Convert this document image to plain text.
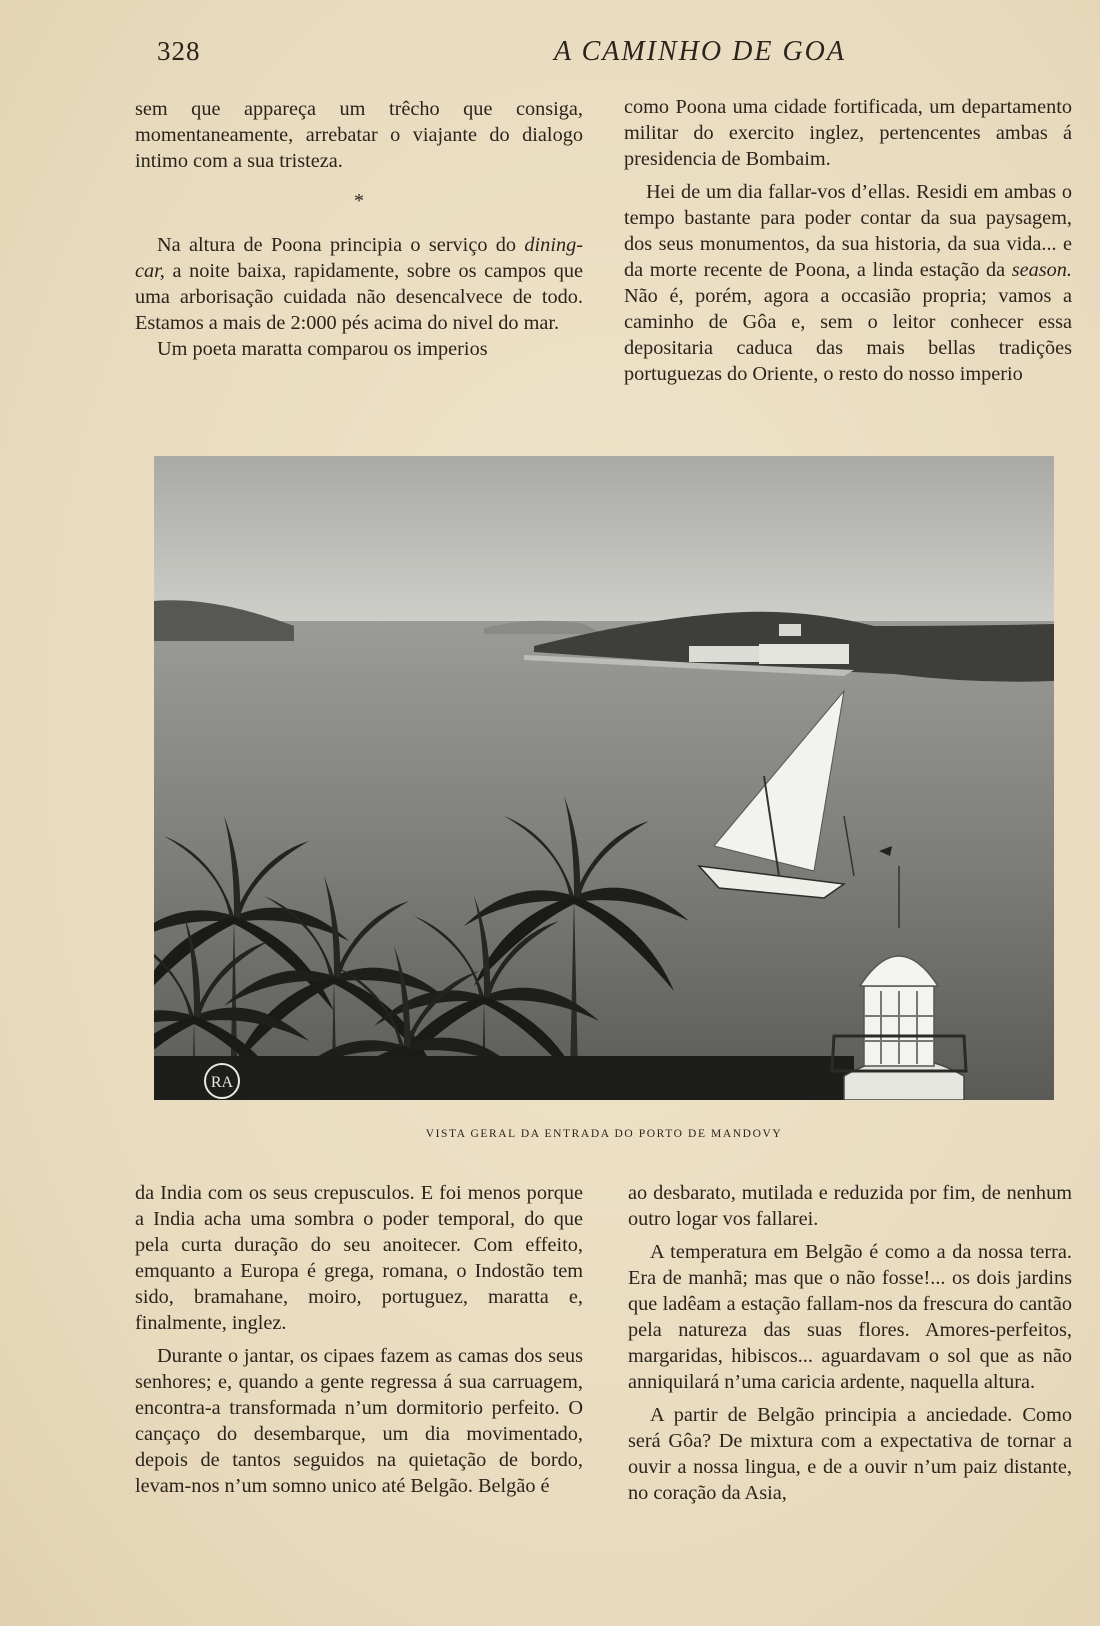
328	A CAMINHO DE GOA

sem que appareça um trêcho que consiga, momentaneamente, arrebatar o viajante do dialogo intimo com a sua tristeza.

*

Na altura de Poona principia o serviço do dining-car, a noite baixa, rapidamente, sobre os campos que uma arborisação cuidada não desencalvece de todo. Estamos a mais de 2:000 pés acima do nivel do mar.

Um poeta maratta comparou os imperios

como Poona uma cidade fortificada, um departamento militar do exercito inglez, pertencentes ambas á presidencia de Bombaim.

Hei de um dia fallar-vos d’ellas. Residi em ambas o tempo bastante para poder contar da sua paysagem, dos seus monumentos, da sua historia, da sua vida... e da morte recente de Poona, a linda estação da season. Não é, porém, agora a occasião propria; vamos a caminho de Gôa e, sem o leitor conhecer essa depositaria caduca das mais bellas tradições portuguezas do Oriente, o resto do nosso imperio

RA
VISTA GERAL DA ENTRADA DO PORTO DE MANDOVY

da India com os seus crepusculos. E foi menos porque a India acha uma sombra o poder temporal, do que pela curta duração do seu anoitecer. Com effeito, emquanto a Europa é grega, romana, o Indostão tem sido, bramahane, moiro, portuguez, maratta e, finalmente, inglez.

Durante o jantar, os cipaes fazem as camas dos seus senhores; e, quando a gente regressa á sua carruagem, encontra-a transformada n’um dormitorio perfeito. O cançaço do desembarque, um dia movimentado, depois de tantos seguidos na quietação de bordo, levam-nos n’um somno unico até Belgão. Belgão é

ao desbarato, mutilada e reduzida por fim, de nenhum outro logar vos fallarei.

A temperatura em Belgão é como a da nossa terra. Era de manhã; mas que o não fosse!... os dois jardins que ladêam a estação fallam-nos da frescura do cantão pela natureza das suas flores. Amores-perfeitos, margaridas, hibiscos... aguardavam o sol que as não anniquilará n’uma caricia ardente, naquella altura.

A partir de Belgão principia a anciedade. Como será Gôa? De mixtura com a expectativa de tornar a ouvir a nossa lingua, e de a ouvir n’um paiz distante, no coração da Asia,
